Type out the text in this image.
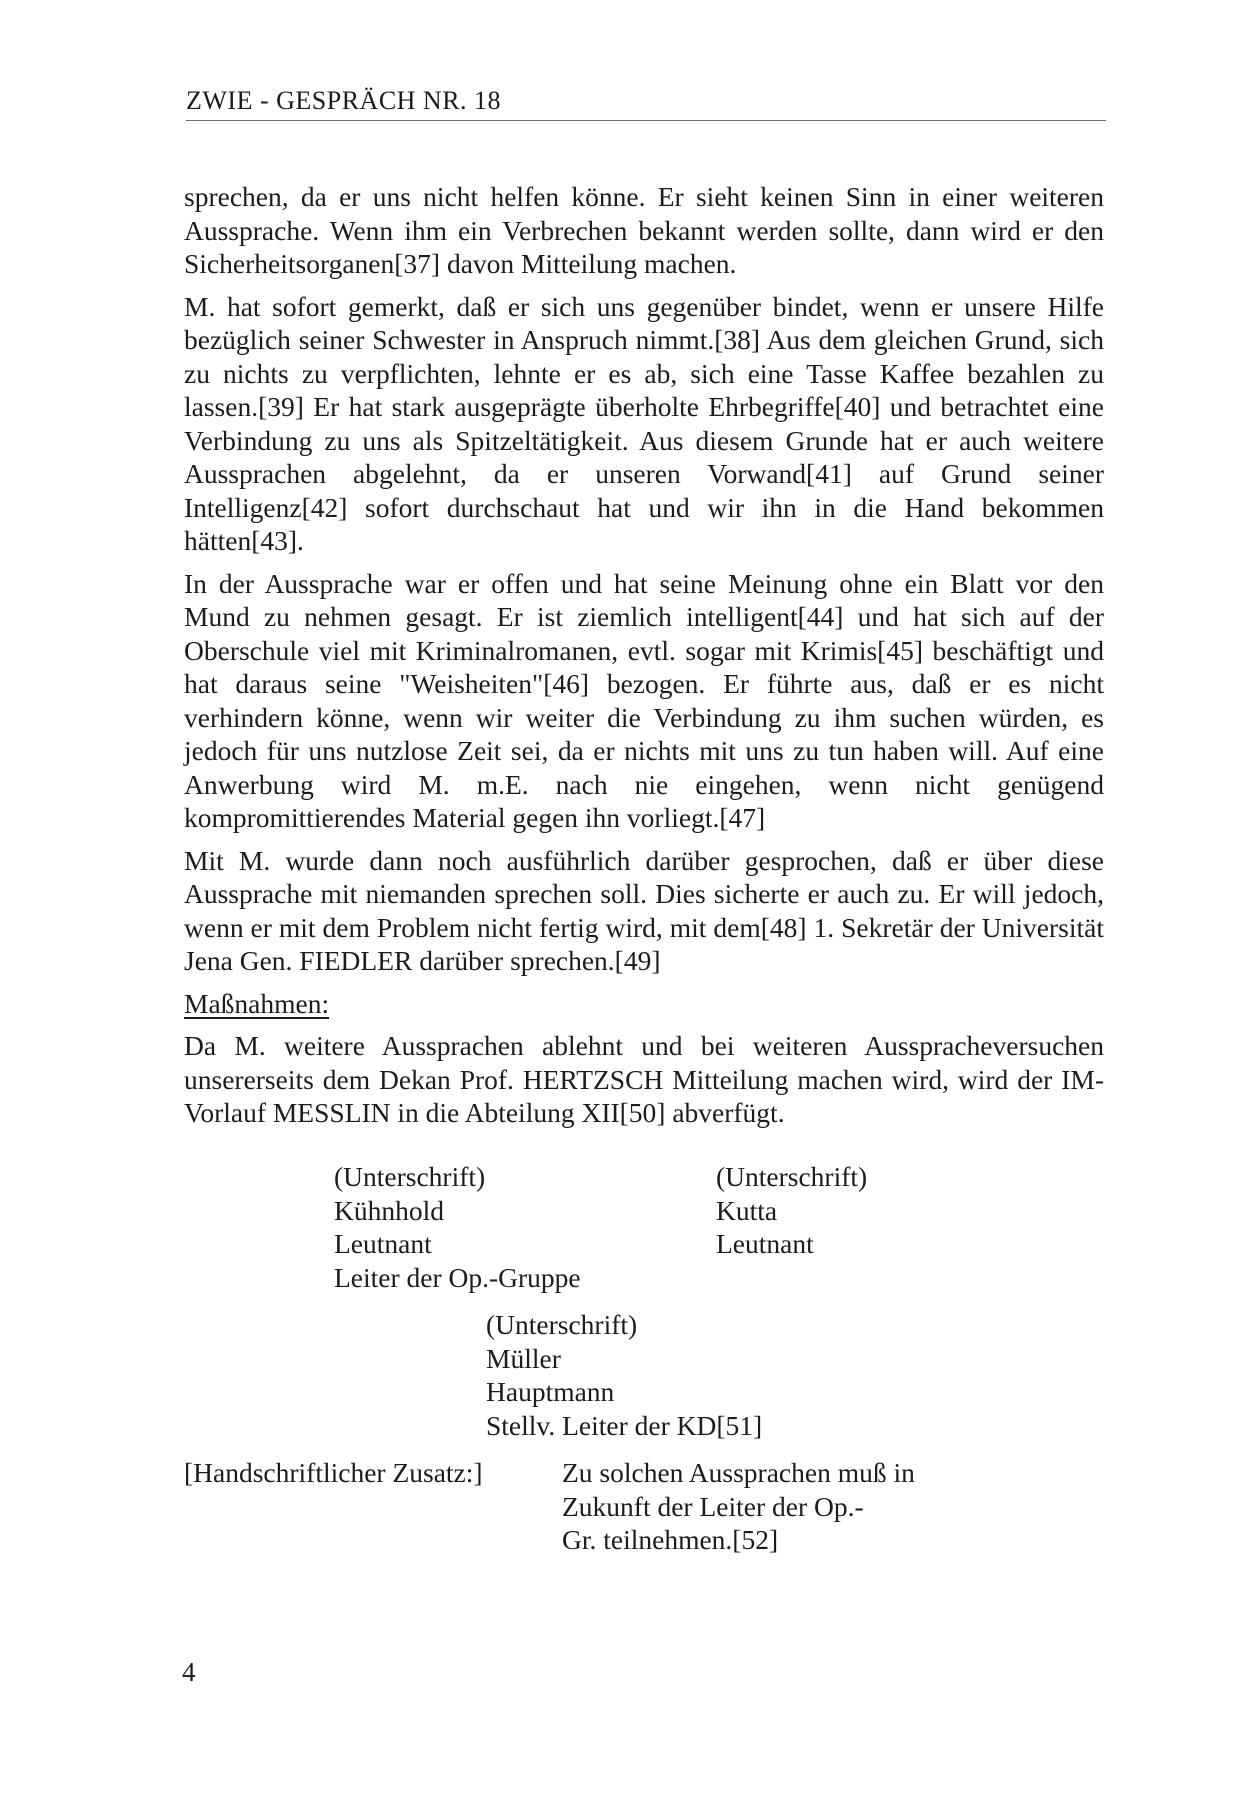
ZWIE - GESPRÄCH NR. 18

sprechen, da er uns nicht helfen könne. Er sieht keinen Sinn in einer weiteren Aussprache. Wenn ihm ein Verbrechen bekannt werden sollte, dann wird er den Sicherheitsorganen[37] davon Mitteilung machen.

M. hat sofort gemerkt, daß er sich uns gegenüber bindet, wenn er unsere Hilfe bezüglich seiner Schwester in Anspruch nimmt.[38] Aus dem gleichen Grund, sich zu nichts zu verpflichten, lehnte er es ab, sich eine Tasse Kaffee bezahlen zu lassen.[39] Er hat stark ausgeprägte überholte Ehrbegriffe[40] und betrachtet eine Verbindung zu uns als Spitzeltätigkeit. Aus diesem Grunde hat er auch weitere Aussprachen abgelehnt, da er unseren Vorwand[41] auf Grund seiner Intelligenz[42] sofort durchschaut hat und wir ihn in die Hand bekommen hätten[43].

In der Aussprache war er offen und hat seine Meinung ohne ein Blatt vor den Mund zu nehmen gesagt. Er ist ziemlich intelligent[44] und hat sich auf der Oberschule viel mit Kriminalromanen, evtl. sogar mit Krimis[45] beschäftigt und hat daraus seine "Weisheiten"[46] bezogen. Er führte aus, daß er es nicht verhindern könne, wenn wir weiter die Verbindung zu ihm suchen würden, es jedoch für uns nutzlose Zeit sei, da er nichts mit uns zu tun haben will. Auf eine Anwerbung wird M. m.E. nach nie eingehen, wenn nicht genügend kompromittierendes Material gegen ihn vorliegt.[47]

Mit M. wurde dann noch ausführlich darüber gesprochen, daß er über diese Aussprache mit niemanden sprechen soll. Dies sicherte er auch zu. Er will jedoch, wenn er mit dem Problem nicht fertig wird, mit dem[48] 1. Sekretär der Universität Jena Gen. FIEDLER darüber sprechen.[49]

Maßnahmen:

Da M. weitere Aussprachen ablehnt und bei weiteren Ausspracheversuchen unsererseits dem Dekan Prof. HERTZSCH Mitteilung machen wird, wird der IM-Vorlauf MESSLIN in die Abteilung XII[50] abverfügt.

(Unterschrift)
Kühnhold
Leutnant
Leiter der Op.-Gruppe
(Unterschrift)
Kutta
Leutnant
(Unterschrift)
Müller
Hauptmann
Stellv. Leiter der KD[51]
[Handschriftlicher Zusatz:]	Zu solchen Aussprachen muß in
Zukunft der Leiter der Op.-
Gr. teilnehmen.[52]
4
